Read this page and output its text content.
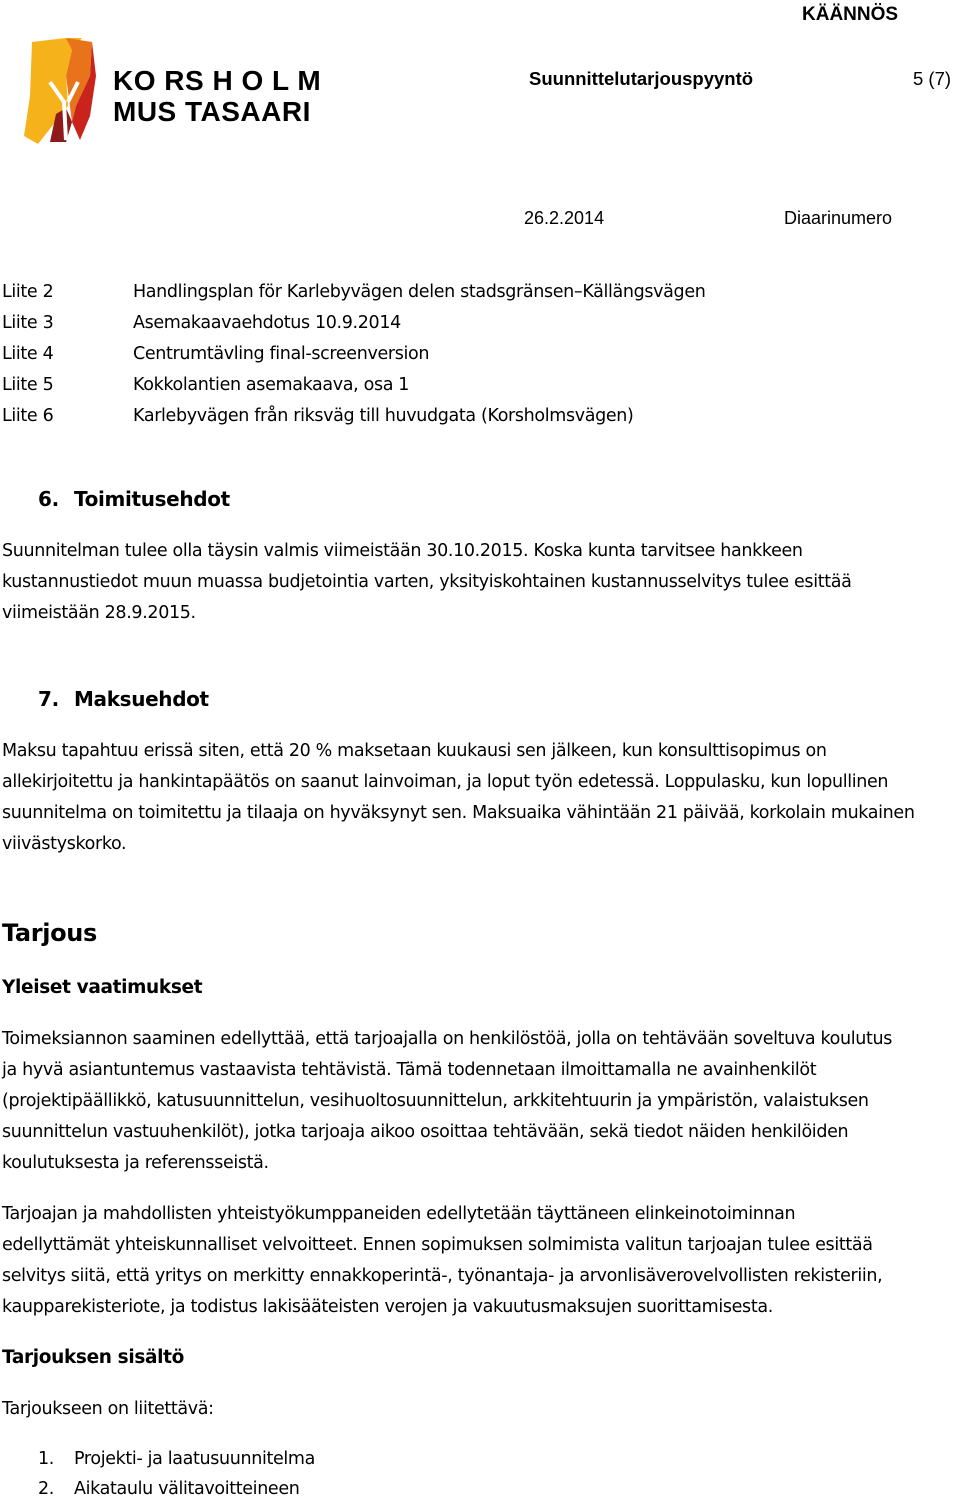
KÄÄNNÖS
KO RS H O L M
MUS TASAARI
Suunnittelutarjouspyyntö	5 (7)
26.2.2014	Diaarinumero
Liite 2	Handlingsplan för Karlebyvägen delen stadsgränsen–Källängsvägen
Liite 3	Asemakaavaehdotus 10.9.2014
Liite 4	Centrumtävling final-screenversion
Liite 5	Kokkolantien asemakaava, osa 1
Liite 6	Karlebyvägen från riksväg till huvudgata (Korsholmsvägen)
6. Toimitusehdot
Suunnitelman tulee olla täysin valmis viimeistään 30.10.2015. Koska kunta tarvitsee hankkeen
kustannustiedot muun muassa budjetointia varten, yksityiskohtainen kustannusselvitys tulee esittää
viimeistään 28.9.2015.
7. Maksuehdot
Maksu tapahtuu erissä siten, että 20 % maksetaan kuukausi sen jälkeen, kun konsulttisopimus on
allekirjoitettu ja hankintapäätös on saanut lainvoiman, ja loput työn edetessä. Loppulasku, kun lopullinen
suunnitelma on toimitettu ja tilaaja on hyväksynyt sen. Maksuaika vähintään 21 päivää, korkolain mukainen
viivästyskorko.
Tarjous
Yleiset vaatimukset
Toimeksiannon saaminen edellyttää, että tarjoajalla on henkilöstöä, jolla on tehtävään soveltuva koulutus
ja hyvä asiantuntemus vastaavista tehtävistä. Tämä todennetaan ilmoittamalla ne avainhenkilöt
(projektipäällikkö, katusuunnittelun, vesihuoltosuunnittelun, arkkitehtuurin ja ympäristön, valaistuksen
suunnittelun vastuuhenkilöt), jotka tarjoaja aikoo osoittaa tehtävään, sekä tiedot näiden henkilöiden
koulutuksesta ja referensseistä.
Tarjoajan ja mahdollisten yhteistyökumppaneiden edellytetään täyttäneen elinkeinotoiminnan
edellyttämät yhteiskunnalliset velvoitteet. Ennen sopimuksen solmimista valitun tarjoajan tulee esittää
selvitys siitä, että yritys on merkitty ennakkoperintä-, työnantaja- ja arvonlisäverovelvollisten rekisteriin,
kaupparekisteriote, ja todistus lakisääteisten verojen ja vakuutusmaksujen suorittamisesta.
Tarjouksen sisältö
Tarjoukseen on liitettävä:
1. Projekti- ja laatusuunnitelma
2. Aikataulu välitavoitteineen
